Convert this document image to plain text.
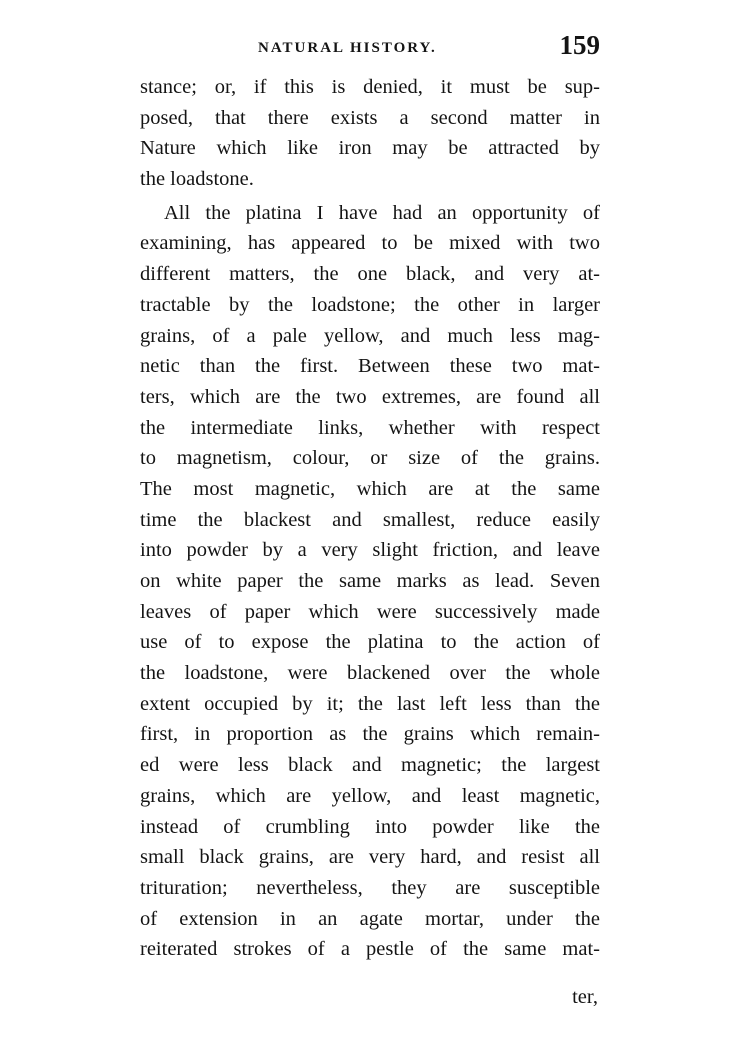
NATURAL HISTORY.	159
stance; or, if this is denied, it must be sup-
posed, that there exists a second matter in
Nature which like iron may be attracted by
the loadstone.
All the platina I have had an opportunity of
examining, has appeared to be mixed with two
different matters, the one black, and very at-
tractable by the loadstone; the other in larger
grains, of a pale yellow, and much less mag-
netic than the first. Between these two mat-
ters, which are the two extremes, are found all
the intermediate links, whether with respect
to magnetism, colour, or size of the grains.
The most magnetic, which are at the same
time the blackest and smallest, reduce easily
into powder by a very slight friction, and leave
on white paper the same marks as lead. Seven
leaves of paper which were successively made
use of to expose the platina to the action of
the loadstone, were blackened over the whole
extent occupied by it; the last left less than the
first, in proportion as the grains which remain-
ed were less black and magnetic; the largest
grains, which are yellow, and least magnetic,
instead of crumbling into powder like the
small black grains, are very hard, and resist all
trituration; nevertheless, they are susceptible
of extension in an agate mortar, under the
reiterated strokes of a pestle of the same mat-
ter,
